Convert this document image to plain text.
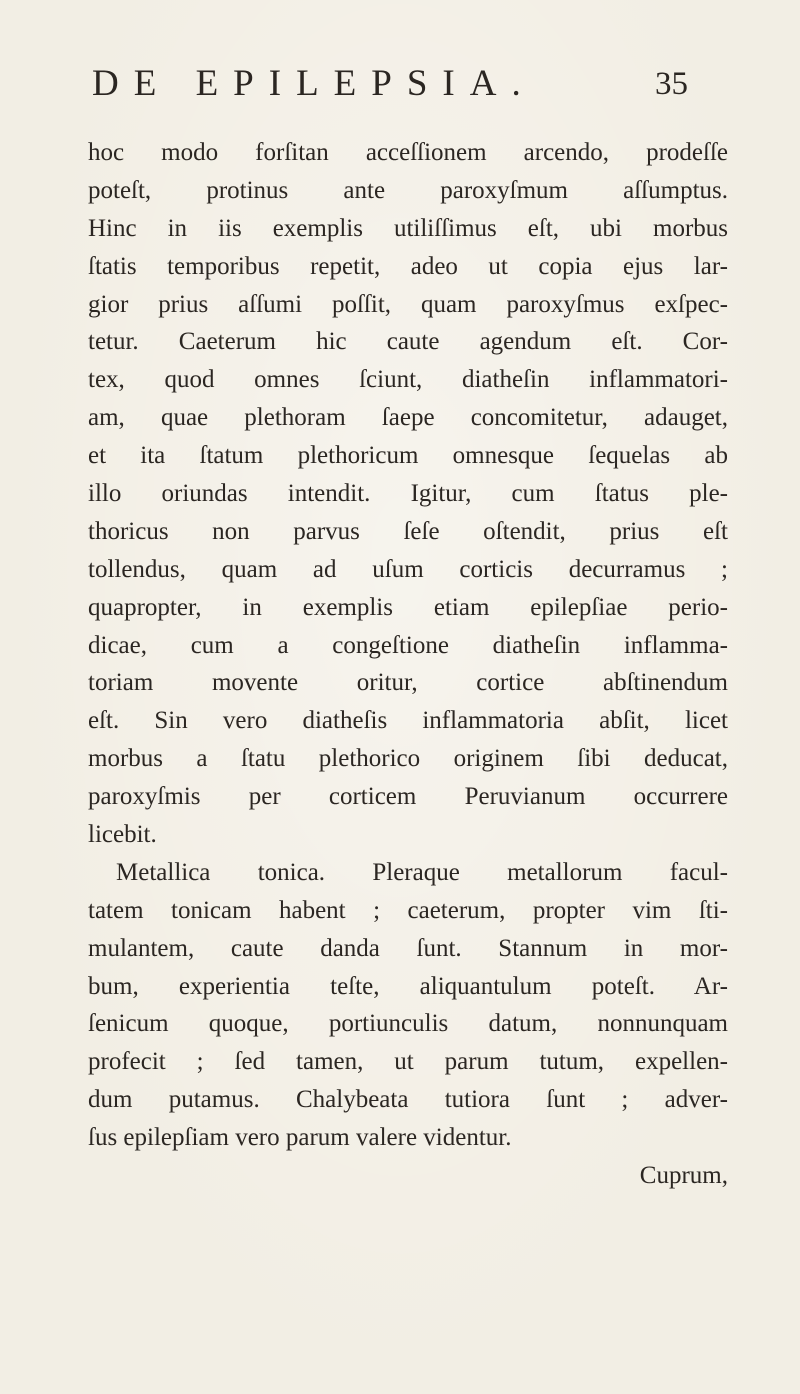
DE EPILEPSIA.	35
hoc modo forſitan acceſſionem arcendo, prodeſſe
poteſt, protinus ante paroxyſmum aſſumptus.
Hinc in iis exemplis utiliſſimus eſt, ubi morbus
ſtatis temporibus repetit, adeo ut copia ejus lar-
gior prius aſſumi poſſit, quam paroxyſmus exſpec-
tetur. Caeterum hic caute agendum eſt. Cor-
tex, quod omnes ſciunt, diatheſin inflammatori-
am, quae plethoram ſaepe concomitetur, adauget,
et ita ſtatum plethoricum omnesque ſequelas ab
illo oriundas intendit. Igitur, cum ſtatus ple-
thoricus non parvus ſeſe oſtendit, prius eſt
tollendus, quam ad uſum corticis decurramus ;
quapropter, in exemplis etiam epilepſiae perio-
dicae, cum a congeſtione diatheſin inflamma-
toriam movente oritur, cortice abſtinendum
eſt. Sin vero diatheſis inflammatoria abſit, licet
morbus a ſtatu plethorico originem ſibi deducat,
paroxyſmis per corticem Peruvianum occurrere
licebit.
Metallica tonica. Pleraque metallorum facul-
tatem tonicam habent ; caeterum, propter vim ſti-
mulantem, caute danda ſunt. Stannum in mor-
bum, experientia teſte, aliquantulum poteſt. Ar-
ſenicum quoque, portiunculis datum, nonnunquam
profecit ; ſed tamen, ut parum tutum, expellen-
dum putamus. Chalybeata tutiora ſunt ; adver-
ſus epilepſiam vero parum valere videntur.
Cuprum,
